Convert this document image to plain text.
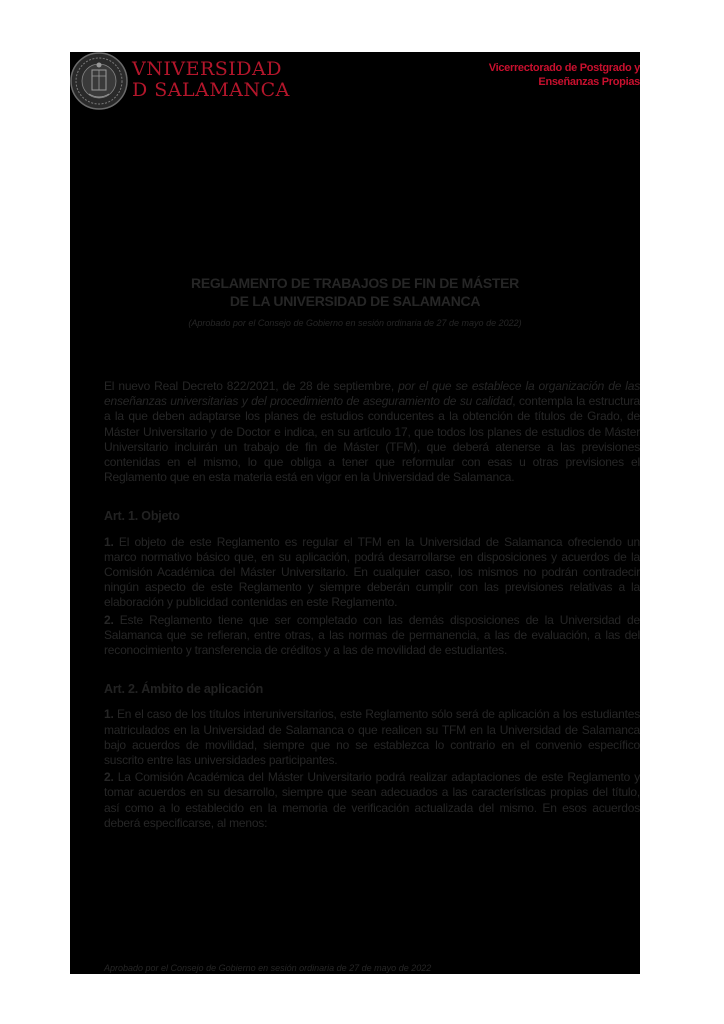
VNIVERSIDAD
D SALAMANCA
Vicerrectorado de Postgrado y
Enseñanzas Propias
REGLAMENTO DE TRABAJOS DE FIN DE MÁSTER
DE LA UNIVERSIDAD DE SALAMANCA
(Aprobado por el Consejo de Gobierno en sesión ordinaria de 27 de mayo de 2022)

El nuevo Real Decreto 822/2021, de 28 de septiembre, por el que se establece la organización de las enseñanzas universitarias y del procedimiento de aseguramiento de su calidad, contempla la estructura a la que deben adaptarse los planes de estudios conducentes a la obtención de títulos de Grado, de Máster Universitario y de Doctor e indica, en su artículo 17, que todos los planes de estudios de Máster Universitario incluirán un trabajo de fin de Máster (TFM), que deberá atenerse a las previsiones contenidas en el mismo, lo que obliga a tener que reformular con esas u otras previsiones el Reglamento que en esta materia está en vigor en la Universidad de Salamanca.

Art. 1. Objeto

1. El objeto de este Reglamento es regular el TFM en la Universidad de Salamanca ofreciendo un marco normativo básico que, en su aplicación, podrá desarrollarse en disposiciones y acuerdos de la Comisión Académica del Máster Universitario. En cualquier caso, los mismos no podrán contradecir ningún aspecto de este Reglamento y siempre deberán cumplir con las previsiones relativas a la elaboración y publicidad contenidas en este Reglamento.

2. Este Reglamento tiene que ser completado con las demás disposiciones de la Universidad de Salamanca que se refieran, entre otras, a las normas de permanencia, a las de evaluación, a las del reconocimiento y transferencia de créditos y a las de movilidad de estudiantes.

Art. 2. Ámbito de aplicación

1. En el caso de los títulos interuniversitarios, este Reglamento sólo será de aplicación a los estudiantes matriculados en la Universidad de Salamanca o que realicen su TFM en la Universidad de Salamanca bajo acuerdos de movilidad, siempre que no se establezca lo contrario en el convenio específico suscrito entre las universidades participantes.

2. La Comisión Académica del Máster Universitario podrá realizar adaptaciones de este Reglamento y tomar acuerdos en su desarrollo, siempre que sean adecuados a las características propias del título, así como a lo establecido en la memoria de verificación actualizada del mismo. En esos acuerdos deberá especificarse, al menos:

Aprobado por el Consejo de Gobierno en sesión ordinaria de 27 de mayo de 2022
